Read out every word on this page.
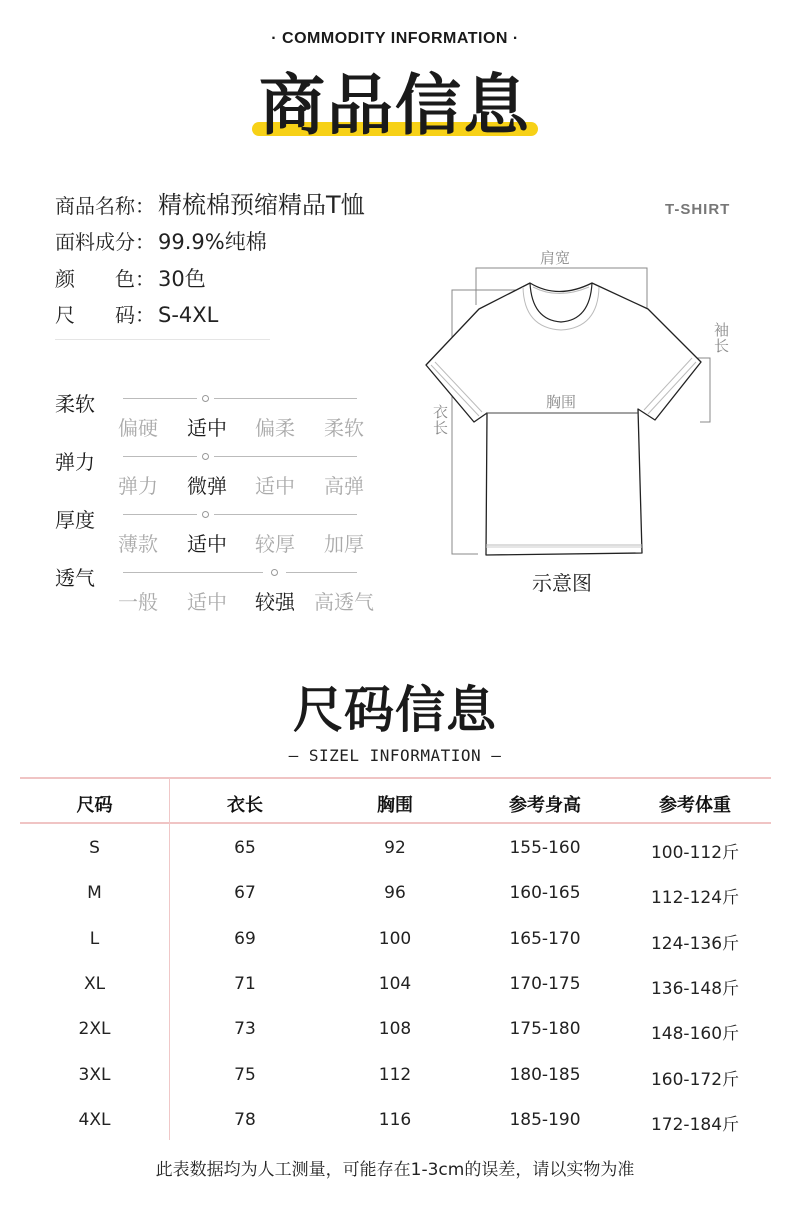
· COMMODITY INFORMATION ·
商品信息
商品名称： 精梳棉预缩精品T恤
面料成分： 99.9%纯棉
颜　　色： 30色
尺　　码： S-4XL
柔软
偏硬	适中	偏柔	柔软
弹力
弹力	微弹	适中	高弹
厚度
薄款	适中	较厚	加厚
透气
一般	适中	较强 高透气
T-SHIRT
肩宽
袖长
胸围
衣长
示意图
尺码信息
— SIZEL INFORMATION —
尺码	衣长	胸围	参考身高	参考体重
S	65	92	155-160	100-112斤
M	67	96	160-165	112-124斤
L	69	100	165-170	124-136斤
XL	71	104	170-175	136-148斤
2XL	73	108	175-180	148-160斤
3XL	75	112	180-185	160-172斤
4XL	78	116	185-190	172-184斤
此表数据均为人工测量，可能存在1-3cm的误差，请以实物为准
